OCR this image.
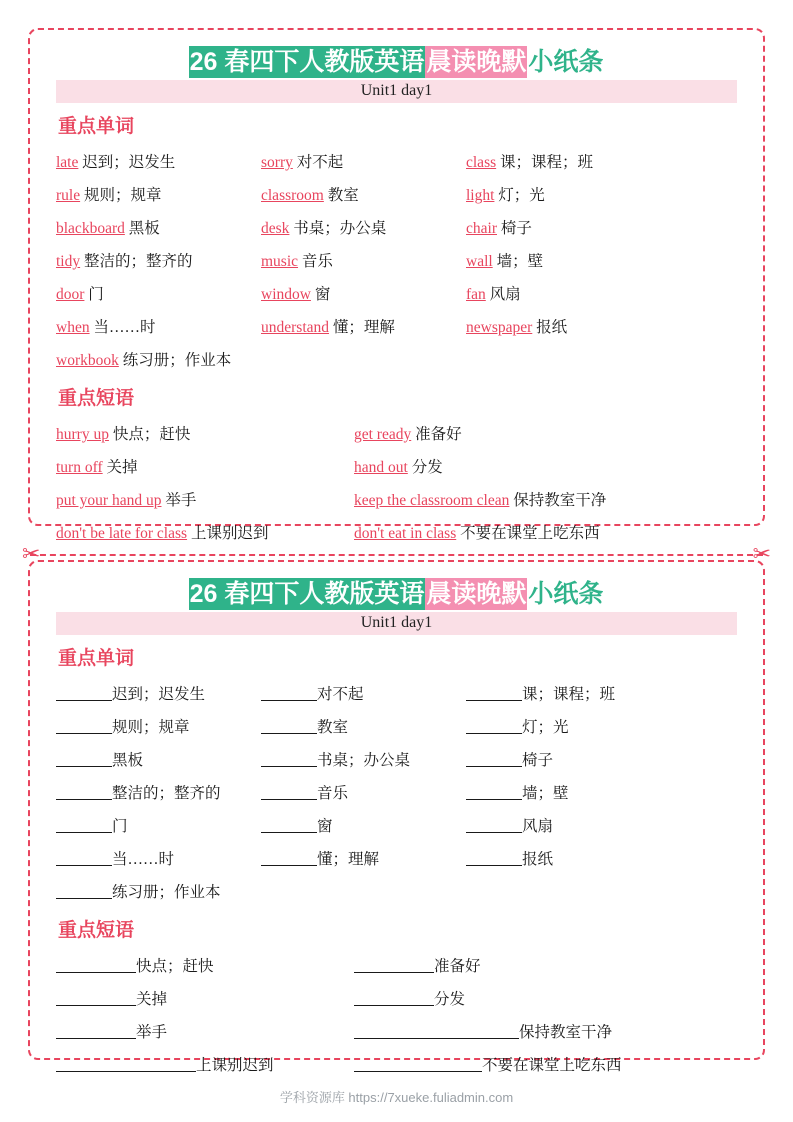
26 春四下人教版英语晨读晚默小纸条
Unit1 day1
重点单词
late 迟到；迟发生	sorry 对不起	class 课；课程；班
rule 规则；规章	classroom 教室	light 灯；光
blackboard 黑板	desk 书桌；办公桌	chair 椅子
tidy 整洁的；整齐的	music 音乐	wall 墙；壁
door 门	window 窗	fan 风扇
when 当……时	understand 懂；理解	newspaper 报纸
workbook 练习册；作业本
重点短语
hurry up 快点；赶快	get ready 准备好
turn off 关掉	hand out 分发
put your hand up 举手	keep the classroom clean 保持教室干净
don't be late for class 上课别迟到	don't eat in class 不要在课堂上吃东西
✂	✂
26 春四下人教版英语晨读晚默小纸条
Unit1 day1
重点单词
迟到；迟发生	对不起	课；课程；班
规则；规章	教室	灯；光
黑板	书桌；办公桌	椅子
整洁的；整齐的	音乐	墙；壁
门	窗	风扇
当……时	懂；理解	报纸
练习册；作业本
重点短语
快点；赶快	准备好
关掉	分发
举手	保持教室干净
上课别迟到	不要在课堂上吃东西
学科资源库 https://7xueke.fuliadmin.com
